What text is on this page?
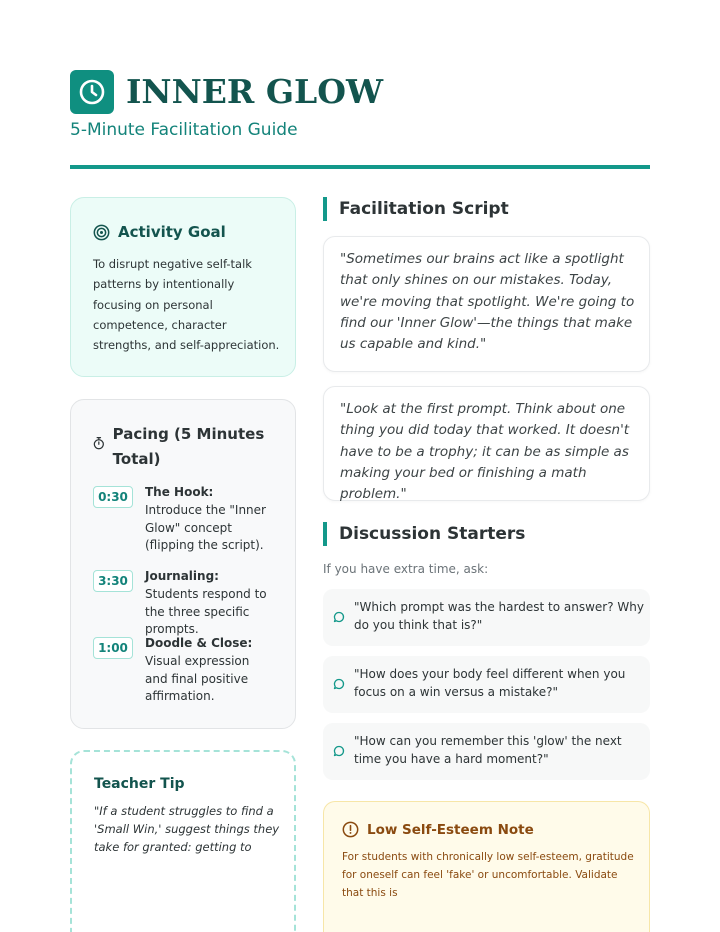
INNER GLOW
5-Minute Facilitation Guide
Activity Goal
To disrupt negative self-talk patterns by intentionally focusing on personal competence, character strengths, and self-appreciation.
Pacing (5 Minutes Total)
0:30	The Hook: Introduce the "Inner Glow" concept (flipping the script).
3:30	Journaling: Students respond to the three specific prompts.
1:00	Doodle & Close: Visual expression and final positive affirmation.
Teacher Tip
"If a student struggles to find a 'Small Win,' suggest things they take for granted: getting to
Facilitation Script
"Sometimes our brains act like a spotlight that only shines on our mistakes. Today, we're moving that spotlight. We're going to find our 'Inner Glow'—the things that make us capable and kind."
"Look at the first prompt. Think about one thing you did today that worked. It doesn't have to be a trophy; it can be as simple as making your bed or finishing a math problem."
Discussion Starters
If you have extra time, ask:
"Which prompt was the hardest to answer? Why do you think that is?"
"How does your body feel different when you focus on a win versus a mistake?"
"How can you remember this 'glow' the next time you have a hard moment?"
Low Self-Esteem Note
For students with chronically low self-esteem, gratitude for oneself can feel 'fake' or uncomfortable. Validate that this is
